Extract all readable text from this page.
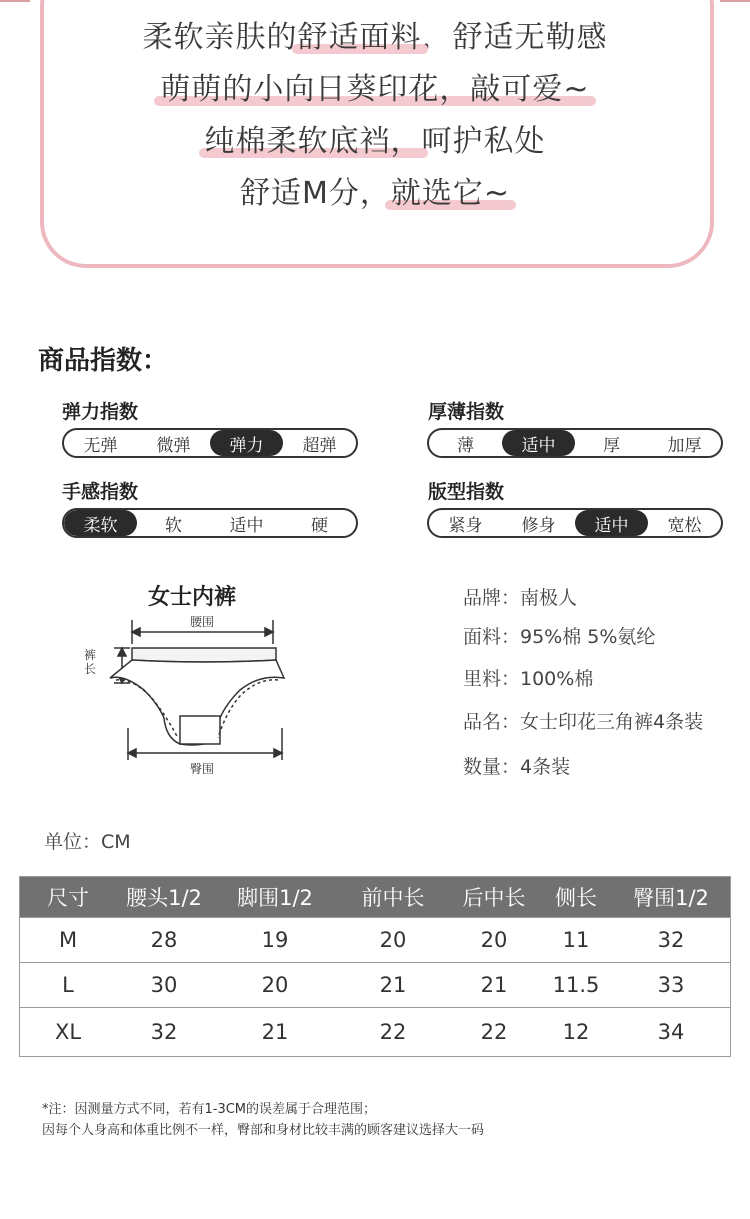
柔软亲肤的舒适面料，舒适无勒感
萌萌的小向日葵印花，敲可爱~
纯棉柔软底裆，呵护私处
舒适M分，就选它~
商品指数：
弹力指数
无弹	微弹	弹力	超弹
厚薄指数
薄	适中	厚	加厚
手感指数
柔软	软	适中	硬
版型指数
紧身	修身	适中	宽松
女士内裤
腰围
裤长
臀围
品牌：南极人
面料：95%棉 5%氨纶
里料：100%棉
品名：女士印花三角裤4条装
数量：4条装
单位：CM
尺寸	腰头1/2	脚围1/2	前中长	后中长	侧长	臀围1/2
M	28	19	20	20	11	32
L	30	20	21	21	11.5	33
XL	32	21	22	22	12	34
*注：因测量方式不同，若有1-3CM的误差属于合理范围；
因每个人身高和体重比例不一样，臀部和身材比较丰满的顾客建议选择大一码
